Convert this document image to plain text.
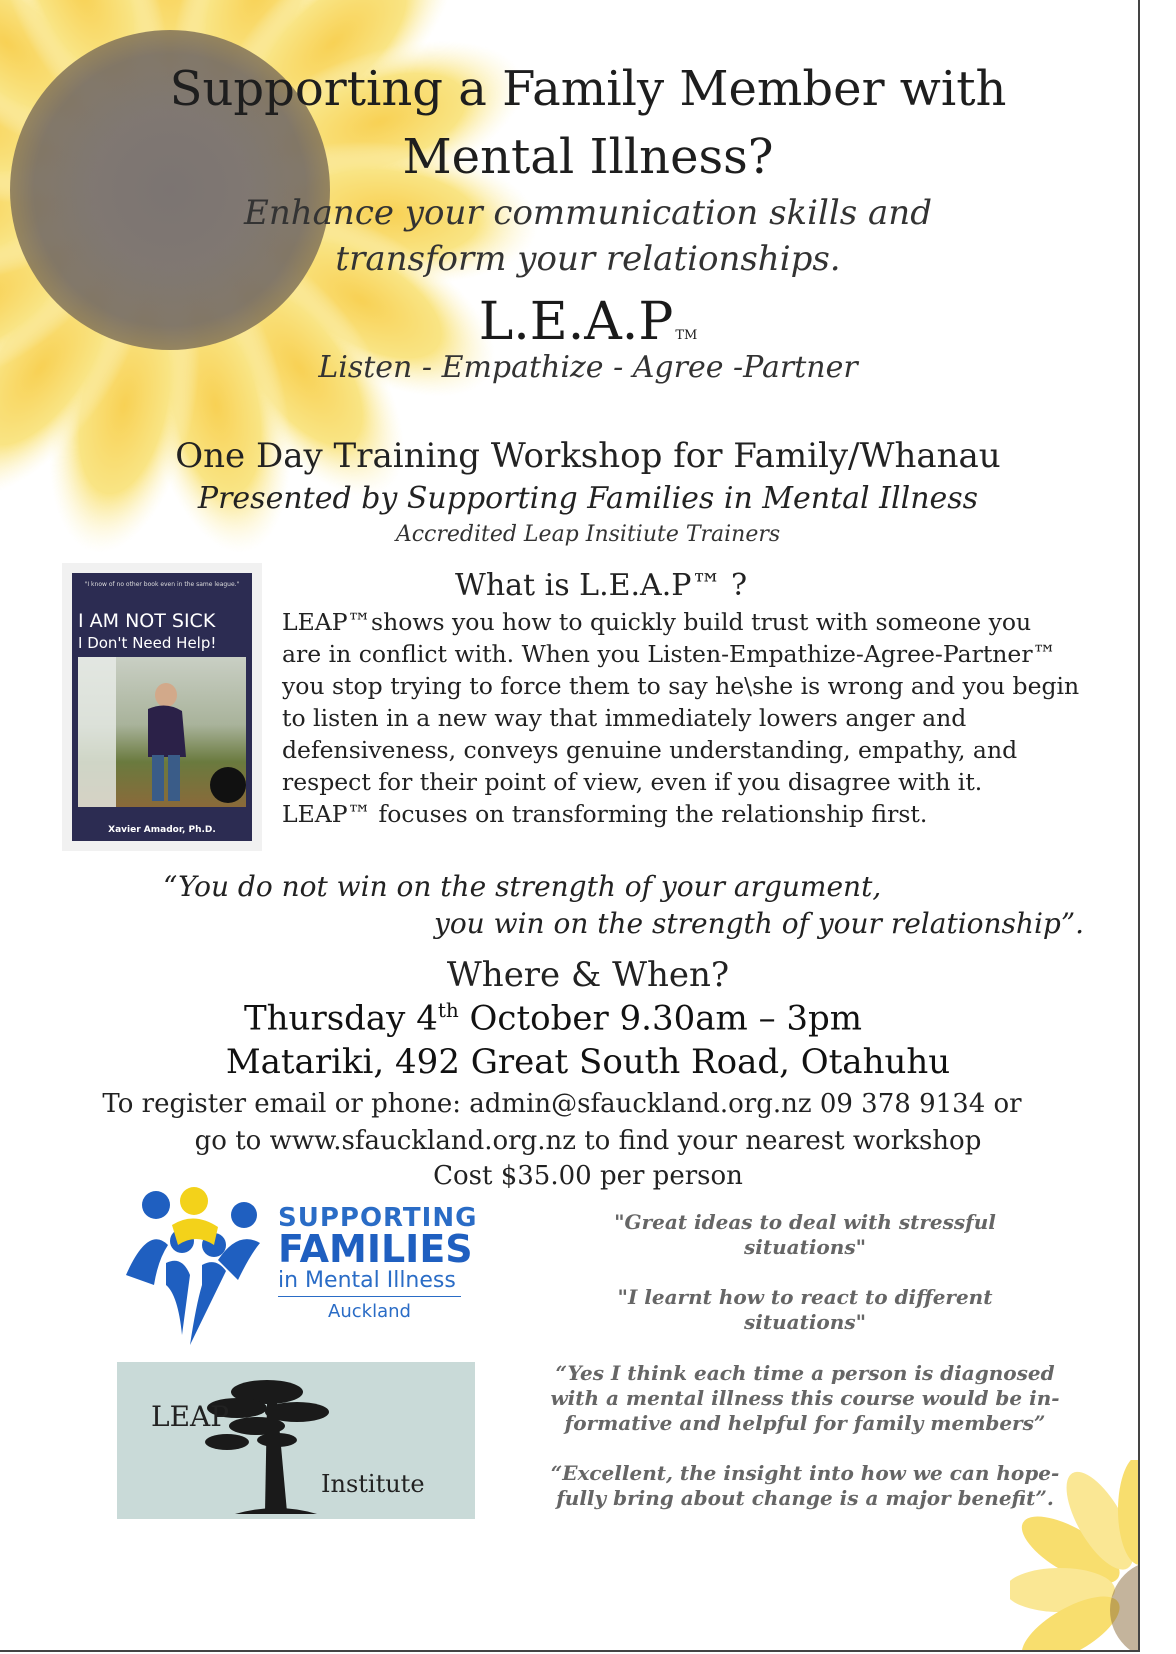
Supporting a Family Member with
Mental Illness?
Enhance your communication skills and
transform your relationships.
L.E.A.P ™
Listen - Empathize - Agree -Partner
One Day Training Workshop for Family/Whanau
Presented by Supporting Families in Mental Illness
Accredited Leap Insitiute Trainers
"I know of no other book even in the same league."
I AM NOT SICK
I Don't Need Help!
Xavier Amador, Ph.D.
What is L.E.A.P™ ?
LEAP™shows you how to quickly build trust with someone you
are in conflict with. When you Listen-Empathize-Agree-Partner™
you stop trying to force them to say he\she is wrong and you begin
to listen in a new way that immediately lowers anger and
defensiveness, conveys genuine understanding, empathy, and
respect for their point of view, even if you disagree with it.
LEAP™ focuses on transforming the relationship first.
“You do not win on the strength of your argument,
you win on the strength of your relationship”.
Where & When?
Thursday 4th October 9.30am – 3pm
Matariki, 492 Great South Road, Otahuhu
To register email or phone: admin@sfauckland.org.nz 09 378 9134 or
go to www.sfauckland.org.nz to find your nearest workshop
Cost $35.00 per person
SUPPORTING
FAMILIES
in Mental Illness
Auckland
LEAP
Institute
"Great ideas to deal with stressful
situations"
"I learnt how to react to different
situations"
“Yes I think each time a person is diagnosed
with a mental illness this course would be in-
formative and helpful for family members”
“Excellent, the insight into how we can hope-
fully bring about change is a major benefit”.
